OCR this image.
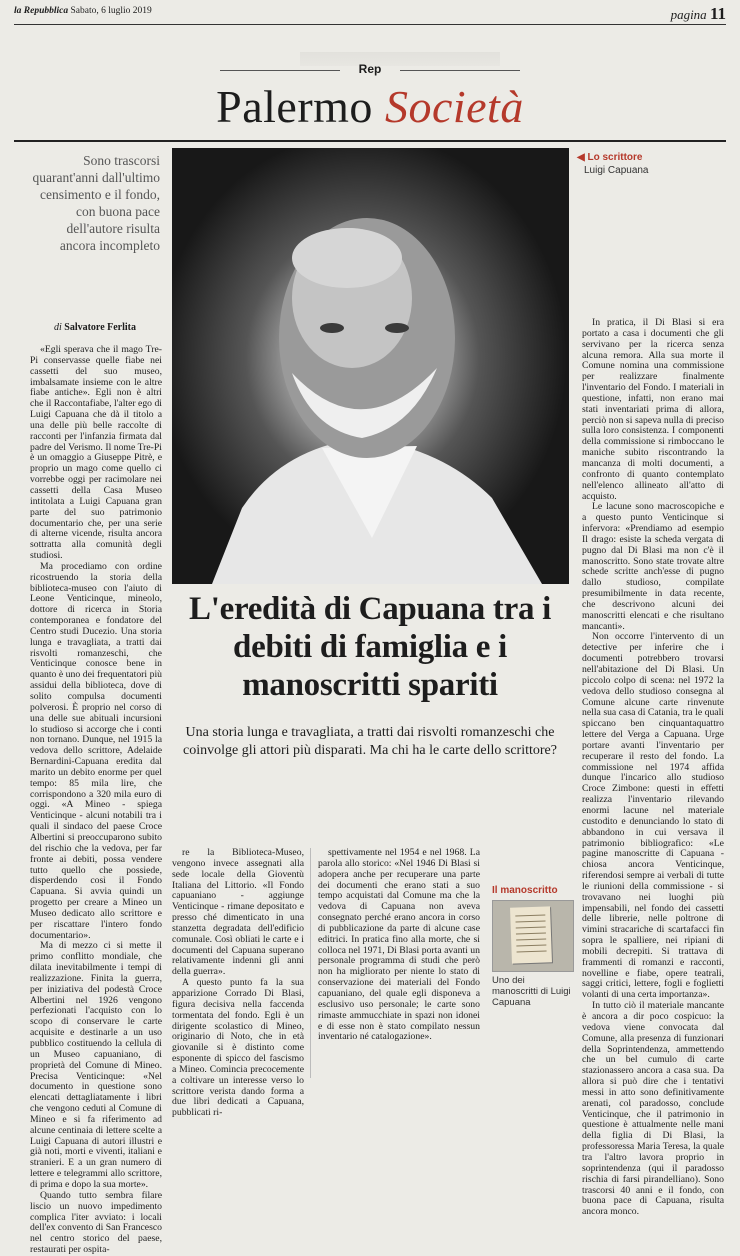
la Repubblica Sabato, 6 luglio 2019	pagina 11
Rep
Palermo Società
Sono trascorsi quarant'anni dall'ultimo censimento e il fondo, con buona pace dell'autore risulta ancora incompleto
◀ Lo scrittore
Luigi Capuana
di Salvatore Ferlita

«Egli sperava che il mago Tre-Pi conservasse quelle fiabe nei cassetti del suo museo, imbalsamate insieme con le altre fiabe antiche». Egli non è altri che il Raccontafiabe, l'alter ego di Luigi Capuana che dà il titolo a una delle più belle raccolte di racconti per l'infanzia firmata dal padre del Verismo. Il nome Tre-Pi è un omaggio a Giuseppe Pitrè, e proprio un mago come quello ci vorrebbe oggi per racimolare nei cassetti della Casa Museo intitolata a Luigi Capuana gran parte del suo patrimonio documentario che, per una serie di alterne vicende, risulta ancora sottratta alla comunità degli studiosi.

Ma procediamo con ordine ricostruendo la storia della biblioteca-museo con l'aiuto di Leone Venticinque, mineolo, dottore di ricerca in Storia contemporanea e fondatore del Centro studi Ducezio. Una storia lunga e travagliata, a tratti dai risvolti romanzeschi, che Venticinque conosce bene in quanto è uno dei frequentatori più assidui della biblioteca, dove di solito compulsa documenti polverosi. È proprio nel corso di una delle sue abituali incursioni lo studioso si accorge che i conti non tornano. Dunque, nel 1915 la vedova dello scrittore, Adelaide Bernardini-Capuana eredita dal marito un debito enorme per quel tempo: 85 mila lire, che corrispondono a 320 mila euro di oggi. «A Mineo - spiega Venticinque - alcuni notabili tra i quali il sindaco del paese Croce Albertini si preoccuparono subito del rischio che la vedova, per far fronte ai debiti, possa vendere tutto quello che possiede, disperdendo così il Fondo Capuana. Si avvia quindi un progetto per creare a Mineo un Museo dedicato allo scrittore e per riscattare l'intero fondo documentario».

Ma di mezzo ci si mette il primo conflitto mondiale, che dilata inevitabilmente i tempi di realizzazione. Finita la guerra, per iniziativa del podestà Croce Albertini nel 1926 vengono perfezionati l'acquisto con lo scopo di conservare le carte acquisite e destinarle a un uso pubblico costituendo la cellula di un Museo capuaniano, di proprietà del Comune di Mineo. Precisa Venticinque: «Nel documento in questione sono elencati dettagliatamente i libri che vengono ceduti al Comune di Mineo e si fa riferimento ad alcune centinaia di lettere scelte a Luigi Capuana di autori illustri e già noti, morti e viventi, italiani e stranieri. E a un gran numero di lettere e telegrammi allo scrittore, di prima e dopo la sua morte».

Quando tutto sembra filare liscio un nuovo impedimento complica l'iter avviato: i locali dell'ex convento di San Francesco nel centro storico del paese, restaurati per ospita-

L'eredità di Capuana tra i debiti di famiglia e i manoscritti spariti
Una storia lunga e travagliata, a tratti dai risvolti romanzeschi che coinvolge gli attori più disparati. Ma chi ha le carte dello scrittore?

re la Biblioteca-Museo, vengono invece assegnati alla sede locale della Gioventù Italiana del Littorio. «Il Fondo capuaniano - aggiunge Venticinque - rimane depositato e presso ché dimenticato in una stanzetta degradata dell'edificio comunale. Così obliati le carte e i documenti del Capuana superano relativamente indenni gli anni della guerra».

A questo punto fa la sua apparizione Corrado Di Blasi, figura decisiva nella faccenda tormentata del fondo. Egli è un dirigente scolastico di Mineo, originario di Noto, che in età giovanile si è distinto come esponente di spicco del fascismo a Mineo. Comincia precocemente a coltivare un interesse verso lo scrittore verista dando forma a due libri dedicati a Capuana, pubblicati ri-

spettivamente nel 1954 e nel 1968. La parola allo storico: «Nel 1946 Di Blasi si adopera anche per recuperare una parte dei documenti che erano stati a suo tempo acquistati dal Comune ma che la vedova di Capuana non aveva consegnato perché erano ancora in corso di pubblicazione da parte di alcune case editrici. In pratica fino alla morte, che si colloca nel 1971, Di Blasi porta avanti un personale programma di studi che però non ha migliorato per niente lo stato di conservazione dei materiali del Fondo capuaniano, del quale egli disponeva a esclusivo uso personale; le carte sono rimaste ammucchiate in spazi non idonei e di esse non è stato compilato nessun inventario né catalogazione».

Il manoscritto
Uno dei manoscritti di Luigi Capuana

In pratica, il Di Blasi si era portato a casa i documenti che gli servivano per la ricerca senza alcuna remora. Alla sua morte il Comune nomina una commissione per realizzare finalmente l'inventario del Fondo. I materiali in questione, infatti, non erano mai stati inventariati prima di allora, perciò non si sapeva nulla di preciso sulla loro consistenza. I componenti della commissione si rimboccano le maniche subito riscontrando la mancanza di molti documenti, a confronto di quanto contemplato nell'elenco allineato all'atto di acquisto.

Le lacune sono macroscopiche e a questo punto Venticinque si infervora: «Prendiamo ad esempio Il drago: esiste la scheda vergata di pugno dal Di Blasi ma non c'è il manoscritto. Sono state trovate altre schede scritte anch'esse di pugno dallo studioso, compilate presumibilmente in data recente, che descrivono alcuni dei manoscritti elencati e che risultano mancanti».

Non occorre l'intervento di un detective per inferire che i documenti potrebbero trovarsi nell'abitazione del Di Blasi. Un piccolo colpo di scena: nel 1972 la vedova dello studioso consegna al Comune alcune carte rinvenute nella sua casa di Catania, tra le quali spiccano ben cinquantaquattro lettere del Verga a Capuana. Urge portare avanti l'inventario per recuperare il resto del fondo. La commissione nel 1974 affida dunque l'incarico allo studioso Croce Zimbone: questi in effetti realizza l'inventario rilevando enormi lacune nel materiale custodito e denunciando lo stato di abbandono in cui versava il patrimonio bibliografico: «Le pagine manoscritte di Capuana - chiosa ancora Venticinque, riferendosi sempre ai verbali di tutte le riunioni della commissione - si trovavano nei luoghi più impensabili, nel fondo dei cassetti delle librerie, nelle poltrone di vimini stracariche di scartafacci fin sopra le spalliere, nei ripiani di mobili decrepiti. Si trattava di frammenti di romanzi e racconti, novelline e fiabe, opere teatrali, saggi critici, lettere, fogli e foglietti volanti di una certa importanza».

In tutto ciò il materiale mancante è ancora a dir poco cospicuo: la vedova viene convocata dal Comune, alla presenza di funzionari della Soprintendenza, ammettendo che un bel cumulo di carte stazionassero ancora a casa sua. Da allora si può dire che i tentativi messi in atto sono definitivamente arenati, col paradosso, conclude Venticinque, che il patrimonio in questione è attualmente nelle mani della figlia di Di Blasi, la professoressa Maria Teresa, la quale tra l'altro lavora proprio in soprintendenza (qui il paradosso rischia di farsi pirandelliano). Sono trascorsi 40 anni e il fondo, con buona pace di Capuana, risulta ancora monco.
